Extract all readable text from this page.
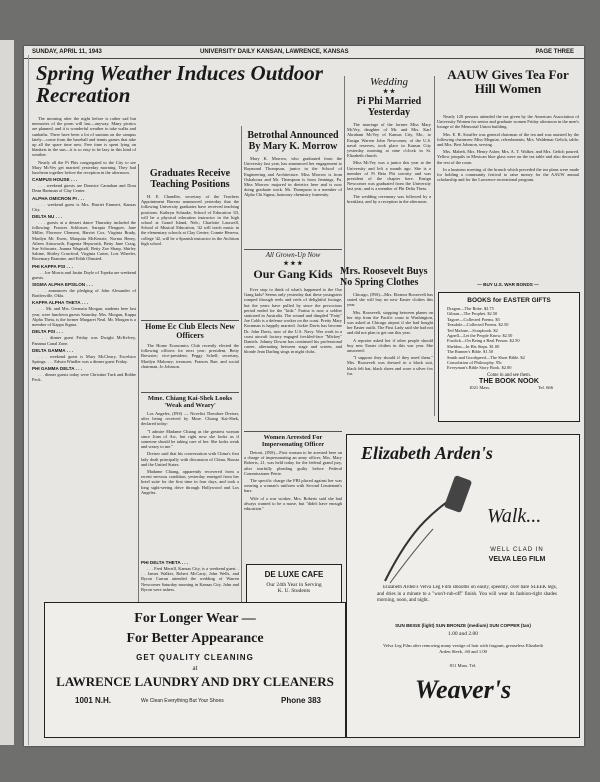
SUNDAY, APRIL 11, 1943	UNIVERSITY DAILY KANSAN, LAWRENCE, KANSAS	PAGE THREE
Spring Weather Induces Outdoor Recreation

The morning after the night before is rather sad but memories of the prom will last—anyway. Many picnics are planned, and it is wonderful weather to take walks and sunbaths. There have been a lot of suntans on the campus lately—come from the baseball and tennis games that take up all the spare time now. Free time is spent lying on blankets in the sun—it is so easy to be lazy in this kind of weather.

Nearly all the Pi Phis congregated to the City to see Mary McVey get married yesterday morning. They had luncheon together before the reception in the afternoon.

CAMPUS HOUSE . . .

. . . weekend guests are Donnice Carnahan and Dora Dean Hartman of Clay Center.

ALPHA OMICRON PI . . .

. . . weekend guest is Mrs. Harriet Emmert, Kansas City.

DELTA NU . . .

. . . guests at a dessert dance Thursday included the following: Frances Schlosser, Sarapta Fleuguer, Jane Miller, Florence Clement, Harriet Cox, Virginia Brady, Marilyn Mc Ewen, Marquita McKenzie, Norma Henry, Aileen Ainsworth, Eugenia Hepworth, Betty June Craig, Sue Schwartz, Joanna Wagstaff, Betty Zoe Sharp, Shirley Sabine, Shirley Crawford, Virginia Carter, Lois Wheeler, Rosemary Bramine, and Edith Olmsted.

PHI KAPPA PSI . . .

. . . Joe Morris and Justin Doyle of Topeka are weekend guests.

SIGMA ALPHA EPSILON . . .

. . . announces the pledging of John Alexander of Bartlesville, Okla.

KAPPA ALPHA THETA . . .

. . . Mr. and Mrs. Germain Morgan, students here last year, were luncheon guests Saturday. Mrs. Morgan, Kappa Alpha Theta, is the former Margaret Neal. Mr. Morgan is a member of Kappa Sigma.

DELTA PSI . . .

. . . dinner guest Friday was Dwight McKelvey, Panama Canal Zone.

DELTA GAMMA . . .

. . . weekend guest is Mary McCleary, Excelsior Springs. . . . Edwin Windler was a dinner guest Friday.

PHI GAMMA DELTA . . .

. . . dinner guests today were Christine Turk and Bobbe Peck.

Graduates Receive Teaching Positions

H. E. Chandler, secretary of the Teachers Appointment Bureau announced yesterday that the following University graduates have received teaching positions: Kathryn Schaake, School of Education '43, will be a physical education instructor in the high school at Grand Island, Neb.; Charlotte Lasswell, School of Musical Education, '42 will teach music in the elementary schools at Clay Center; Connie Herrera, college '42, will be a Spanish instructor in the Atchison high school.

Home Ec Club Elects New Officers

The Home Economics Club recently elected the following officers for next year: president, Betty Brewster; vice-president, Peggy Schell; secretary, Marilyn Maloney; treasurer, Frances Rae; and social chairman, Jo Johnson.

Mme. Chiang Kai-Shek Looks 'Weak and Weary'

Los Angeles, (INS) — Novelist Theodore Dreiser, after being received by Mme. Chiang Kai-Shek, declared today:

"I admire Madame Chiang as the greatest woman since Joan of Arc, but right now she looks as if someone should be taking care of her. She looks weak and weary to me."

Dreiser said that his conversation with China's first lady dealt principally with discussion of China, Russia and the United States.

Madame Chiang, apparently recovered from a recent nervous condition, yesterday emerged from her hotel suite for the first time in four days, and took a long sight-seeing drive through Hollywood and Los Angeles.

PHI DELTA THETA . . .

. . . Fred Merrill, Kansas City, is a weekend guest. . . . James Walker, Robert McCarty, John Wells, and Byron Curran attended the wedding of Warren Newcomer Saturday morning in Kansas City. John and Byron were ushers.

Betrothal Announced By Mary K. Morrow

Mary K. Morrow, who graduated from the University last year, has announced her engagement to Raymond Thompson, junior in the School of Engineering and Architecture. Miss Morrow is from Oskaloosa and Mr. Thompson is from Jennings, Pa. Miss Morrow majored in dietetics here and is now doing graduate work. Mr. Thompson is a member of Alpha Chi Sigma, honorary chemistry fraternity.

All Grown-Up Now
★ ★ ★
Our Gang Kids

Ever stop to think of what's happened to the Our Gang kids? Seems only yesterday that these youngsters romped through reels and reels of delightful footage, but the years have pulled by since the precocious period ended for the "kids." Farina is now a soldier stationed in Australia. The rotund and dimpled "Fatty" Joe Cobb is a defense worker on the coast. Pretty Mary Kornman is happily married. Jackie Davis has become Dr. John Davis, now of the U.S. Navy. War work in a coast aircraft factory engaged freckled-face "Mickey" Daniels. Johnny Downs has continued his professional career, alternating between stage and screen, and blonde Jean Darling sings in night clubs.

Women Arrested For Impersonating Officer

Detroit, (INS)—First woman to be arrested here on a charge of impersonating an army officer, Mrs. Mary Roberts, 21, was held today for the federal grand jury, after tearfully pleading guilty before Federal Commissioner Petrie.

The specific charge the FBI placed against her was wearing a woman's uniform with Second Lieutenant's bars.

Wife of a war worker, Mrs. Roberts said she had always wanted to be a nurse, but "didn't have enough education."

DE LUXE CAFE
Our 24th Year in Serving
K. U. Students
Wedding
★ ★
Pi Phi Married Yesterday

The marriage of the former Miss Mary McVey, daughter of Mr. and Mrs. Karl Abraham McVey of Kansas City, Mo., to Ensign Warren John Newcomer, of the U.S. naval reserves, took place in Kansas City yesterday morning at nine o'clock in St. Elizabeth church.

Miss McVey was a junior this year at the University and left a month ago. She is a member of Pi Beta Phi sorority and was president of the chapter here. Ensign Newcomer was graduated from the University last year, and is a member of Phi Delta Theta.

The wedding ceremony was followed by a breakfast, and by a reception in the afternoon.

Mrs. Roosevelt Buys No Spring Clothes

Chicago, (INS)—Mrs. Eleanor Roosevelt has stated she will buy no new Easter clothes this year.

Mrs. Roosevelt, stopping between planes on her trip from the Pacific coast to Washington, was asked at Chicago airport if she had bought her Easter outfit. The First Lady said she had not and did not plan to get one this year.

A reporter asked her if other people should buy new Easter clothes in this war year. She answered:

"I suppose they should if they need them." Mrs. Roosevelt was dressed in a black suit, black felt hat, black shoes and wore a silver fox fur.

AAUW Gives Tea For Hill Women

Nearly 120 persons attended the tea given by the American Association of University Women for senior and graduate women Friday afternoon in the men's lounge of the Memorial Union building.

Mrs. E. B. Stouffer was general chairman of the tea and was assisted by the following chairmen: Miss Meguiar, refreshments; Mrs. Waldemar Geltch, table; and Mrs. Bert Johnson, serving.

Mrs. Mabelt, Mrs. Henry Asher, Mrs. A. T. Walker, and Mrs. Geltch poured. Yellow jonquils in Mexican blue glass were on the tea table and also decorated the rest of the room.

In a business meeting of the branch which preceded the tea plans were made for holding a community festival to raise money for the AAUW annual scholarship and for the Lawrence recreational program.

— BUY U.S. WAR BONDS —
BOOKS for EASTER GIFTS
Dragon—The Robe. $2.75
Gibran—The Prophet. $2.50
Tagore—Collected Poems. $3
Teasdale—Collected Poems. $2.50
Ted Malone—Scrapbook. $2
Agnell—Let the People Know. $2.50
Fosdick—On Being a Real Person. $2.50
Sheldon—In His Steps. $1.00
The Runner's Bible. $1.50
Smith and Goodspeed—The Short Bible. $2
Consolation of Philosophy. 95c
Everyman's Bible Story Book. $2.00
Come in and see them.
THE BOOK NOOK
1021 Mass.	Tel. 666
Elizabeth Arden's
Walk...
WELL CLAD IN
VELVA LEG FILM

Elizabeth Arden's Velva Leg Film smooths on easily, speedily, over bare SLEEK legs, and dries in a minute to a "won't-rub-off" finish. You will wear its fashion-right shades morning, noon, and night.

SUN BEIGE (light) SUN BRONZE (medium) SUN COPPER (tan)
1.00 and 2.00
Velva Leg Film after removing many vestige of hair with fragrant, greaseless Elizabeth Arden Sleek, .60 and 1.00
811 Mass. Tel.
Weaver's
For Longer Wear —
For Better Appearance
GET QUALITY CLEANING
at
LAWRENCE LAUNDRY AND DRY CLEANERS
1001 N.H.	We Clean Everything But Your Shoes	Phone 383
